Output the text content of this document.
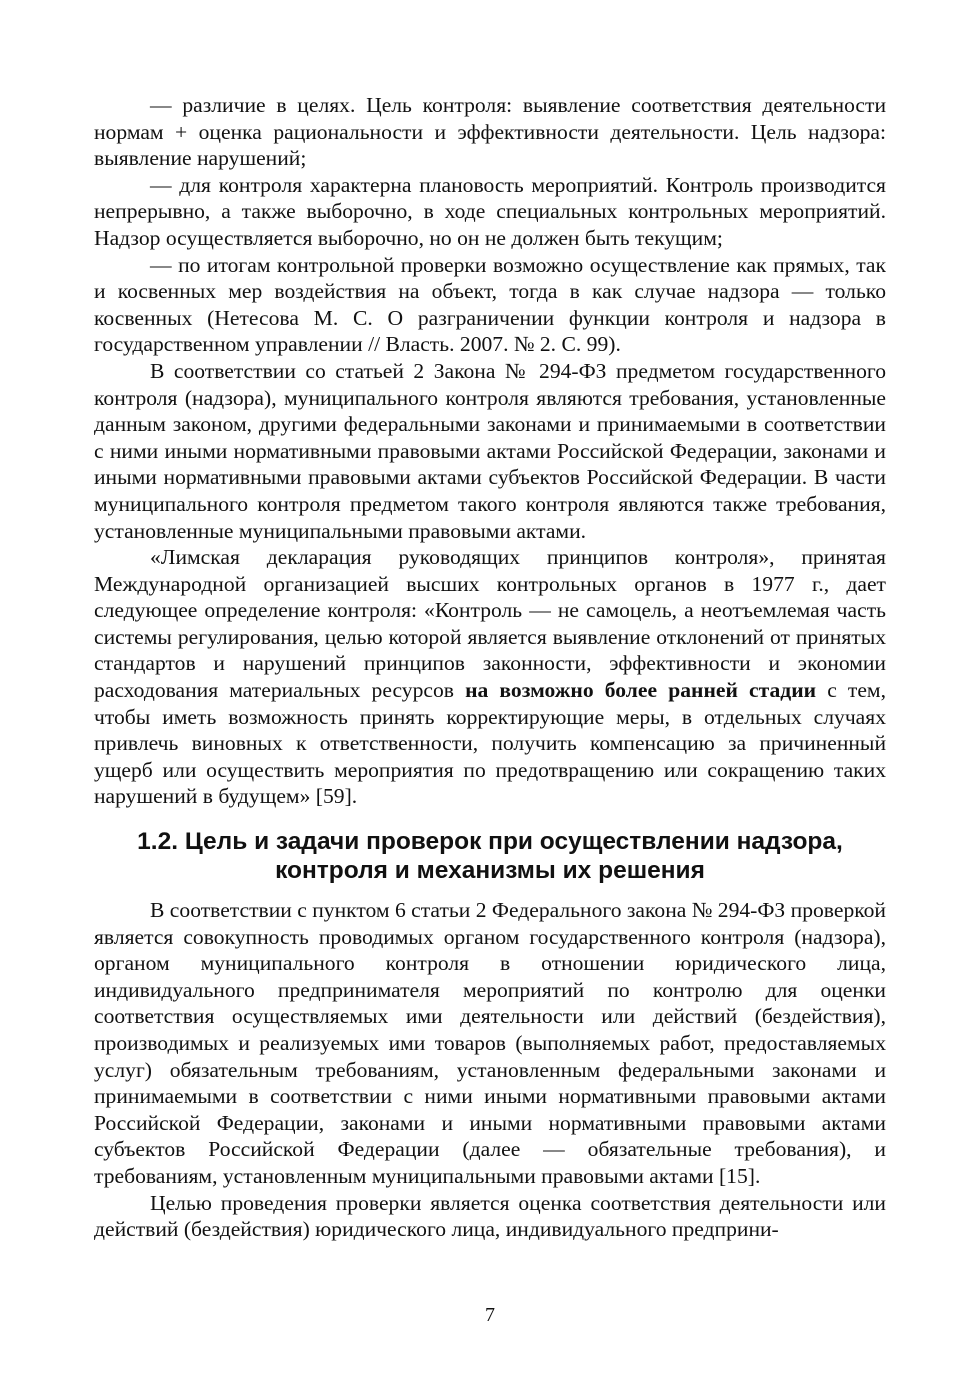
— различие в целях. Цель контроля: выявление соответствия деятельности нормам + оценка рациональности и эффективности деятельности. Цель надзора: выявление нарушений;

— для контроля характерна плановость мероприятий. Контроль производится непрерывно, а также выборочно, в ходе специальных контрольных мероприятий. Надзор осуществляется выборочно, но он не должен быть текущим;

— по итогам контрольной проверки возможно осуществление как прямых, так и косвенных мер воздействия на объект, тогда в как случае надзора — только косвенных (Нетесова М. С. О разграничении функции контроля и надзора в государственном управлении // Власть. 2007. № 2. С. 99).

В соответствии со статьей 2 Закона № 294-ФЗ предметом государственного контроля (надзора), муниципального контроля являются требования, установленные данным законом, другими федеральными законами и принимаемыми в соответствии с ними иными нормативными правовыми актами Российской Федерации, законами и иными нормативными правовыми актами субъектов Российской Федерации. В части муниципального контроля предметом такого контроля являются также требования, установленные муниципальными правовыми актами.

«Лимская декларация руководящих принципов контроля», принятая Международной организацией высших контрольных органов в 1977 г., дает следующее определение контроля: «Контроль — не самоцель, а неотъемлемая часть системы регулирования, целью которой является выявление отклонений от принятых стандартов и нарушений принципов законности, эффективности и экономии расходования материальных ресурсов на возможно более ранней стадии с тем, чтобы иметь возможность принять корректирующие меры, в отдельных случаях привлечь виновных к ответственности, получить компенсацию за причиненный ущерб или осуществить мероприятия по предотвращению или сокращению таких нарушений в будущем» [59].

1.2. Цель и задачи проверок при осуществлении надзора,
контроля и механизмы их решения

В соответствии с пунктом 6 статьи 2 Федерального закона № 294-ФЗ проверкой является совокупность проводимых органом государственного контроля (надзора), органом муниципального контроля в отношении юридического лица, индивидуального предпринимателя мероприятий по контролю для оценки соответствия осуществляемых ими деятельности или действий (бездействия), производимых и реализуемых ими товаров (выполняемых работ, предоставляемых услуг) обязательным требованиям, установленным федеральными законами и принимаемыми в соответствии с ними иными нормативными правовыми актами Российской Федерации, законами и иными нормативными правовыми актами субъектов Российской Федерации (далее — обязательные требования), и требованиям, установленным муниципальными правовыми актами [15].

Целью проведения проверки является оценка соответствия деятельности или действий (бездействия) юридического лица, индивидуального предприни-

7
